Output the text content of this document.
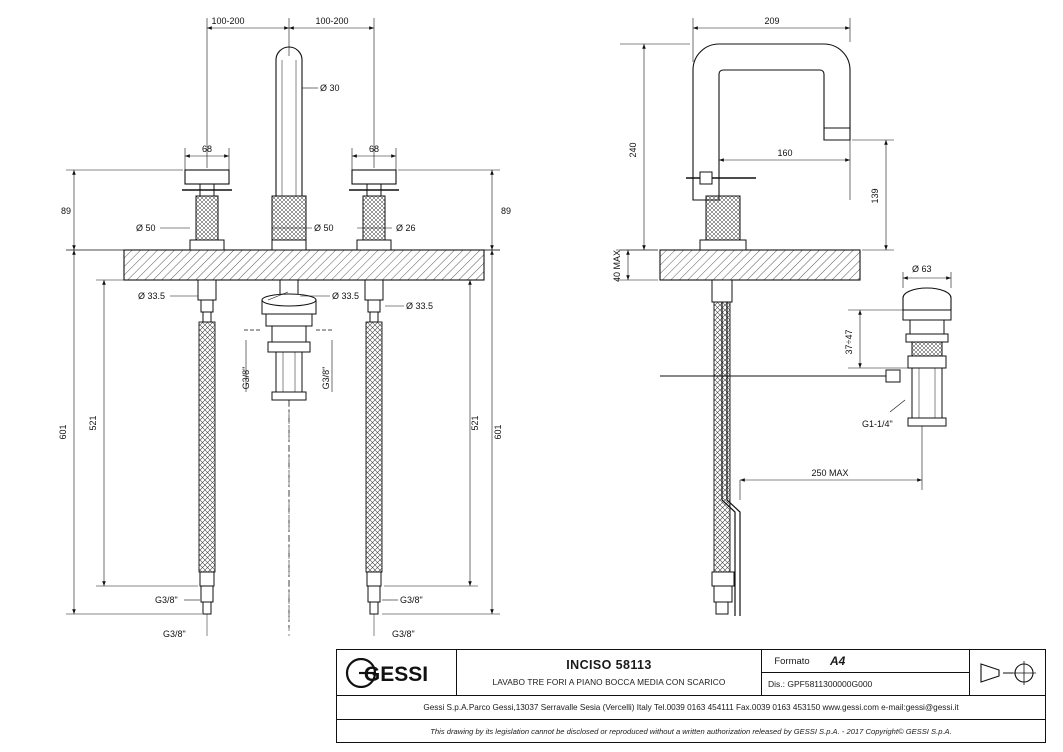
100-200	100-200
68	68
89	89
Ø 30
Ø 50	Ø 50	Ø 26
Ø 33.5	Ø 33.5
Ø 33.5
521
601
521
601
G3/8"	G3/8"
G3/8"	G3/8"
G3/8"	G3/8"
209
160
240
139
40 MAX	Ø 63
37÷47
G1-1/4"
250 MAX
GESSI	INCISO 58113
LAVABO TRE FORI A PIANO BOCCA MEDIA CON SCARICO
Formato	A4
Dis.: GPF5811300000G000
Gessi S.p.A.Parco Gessi,13037 Serravalle Sesia (Vercelli) Italy Tel.0039 0163 454111 Fax.0039 0163 453150 www.gessi.com e-mail:gessi@gessi.it
This drawing by its legislation cannot be disclosed or reproduced without a written authorization released by GESSI S.p.A. - 2017 Copyright© GESSI S.p.A.
